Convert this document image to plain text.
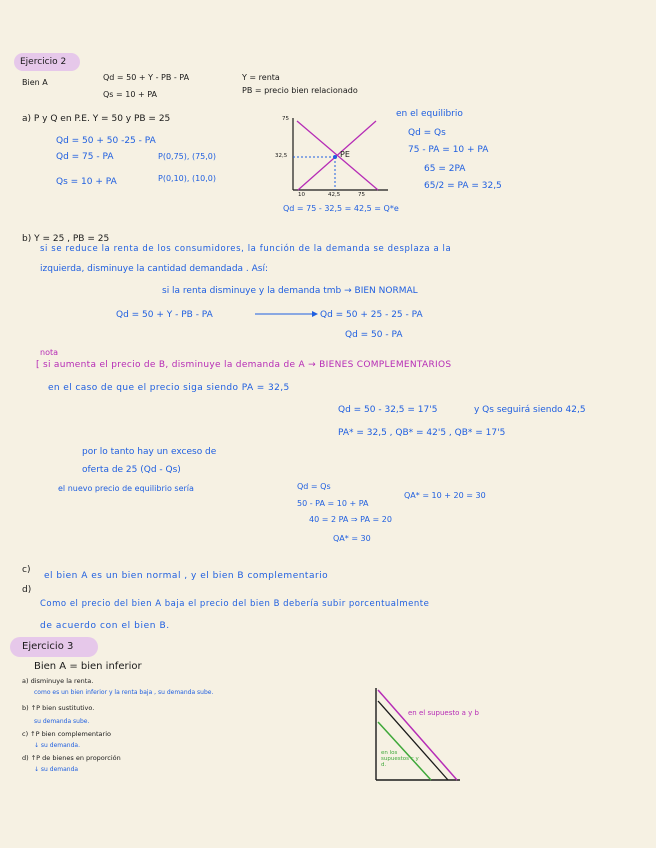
Ejercicio 2
Bien A
Qd = 50 + Y - PB - PA
Qs = 10 + PA
Y = renta
PB = precio bien relacionado
a) P y Q en P.E. Y = 50 y PB = 25
Qd = 50 + 50 -25 - PA
Qd = 75 - PA	P(0,75), (75,0)
Qs = 10 + PA	P(0,10), (10,0)
en el equilibrio
Qd = Qs
75 - PA = 10 + PA
65 = 2PA
65/2 = PA = 32,5
75
32,5	PE
10	42,5	75
Qd = 75 - 32,5 = 42,5 = Q*e
b) Y = 25 , PB = 25
si se reduce la renta de los consumidores, la función de la demanda se desplaza a la
izquierda, disminuye la cantidad demandada . Así:
si la renta disminuye y la demanda tmb → BIEN NORMAL
Qd = 50 + Y - PB - PA	Qd = 50 + 25 - 25 - PA
Qd = 50 - PA
nota
[ si aumenta el precio de B, disminuye la demanda de A → BIENES COMPLEMENTARIOS
en el caso de que el precio siga siendo PA = 32,5
Qd = 50 - 32,5 = 17'5	y Qs seguirá siendo 42,5
PA* = 32,5 , QB* = 42'5 , QB* = 17'5
por lo tanto hay un exceso de
oferta de 25 (Qd - Qs)
el nuevo precio de equilibrio sería	Qd = Qs
50 - PA = 10 + PA
QA* = 10 + 20 = 30
40 = 2 PA ⇒ PA = 20
QA* = 30
c)
el bien A es un bien normal , y el bien B complementario
d)
Como el precio del bien A baja el precio del bien B debería subir porcentualmente
de acuerdo con el bien B.
Ejercicio 3
Bien A = bien inferior
a) disminuye la renta.
como es un bien inferior y la renta baja , su demanda sube.
b) ↑P bien sustitutivo.
su demanda sube.
c) ↑P bien complementario
↓ su demanda.
d) ↑P de bienes en proporción
↓ su demanda
en el supuesto a y b
en los supuestos c y d.
